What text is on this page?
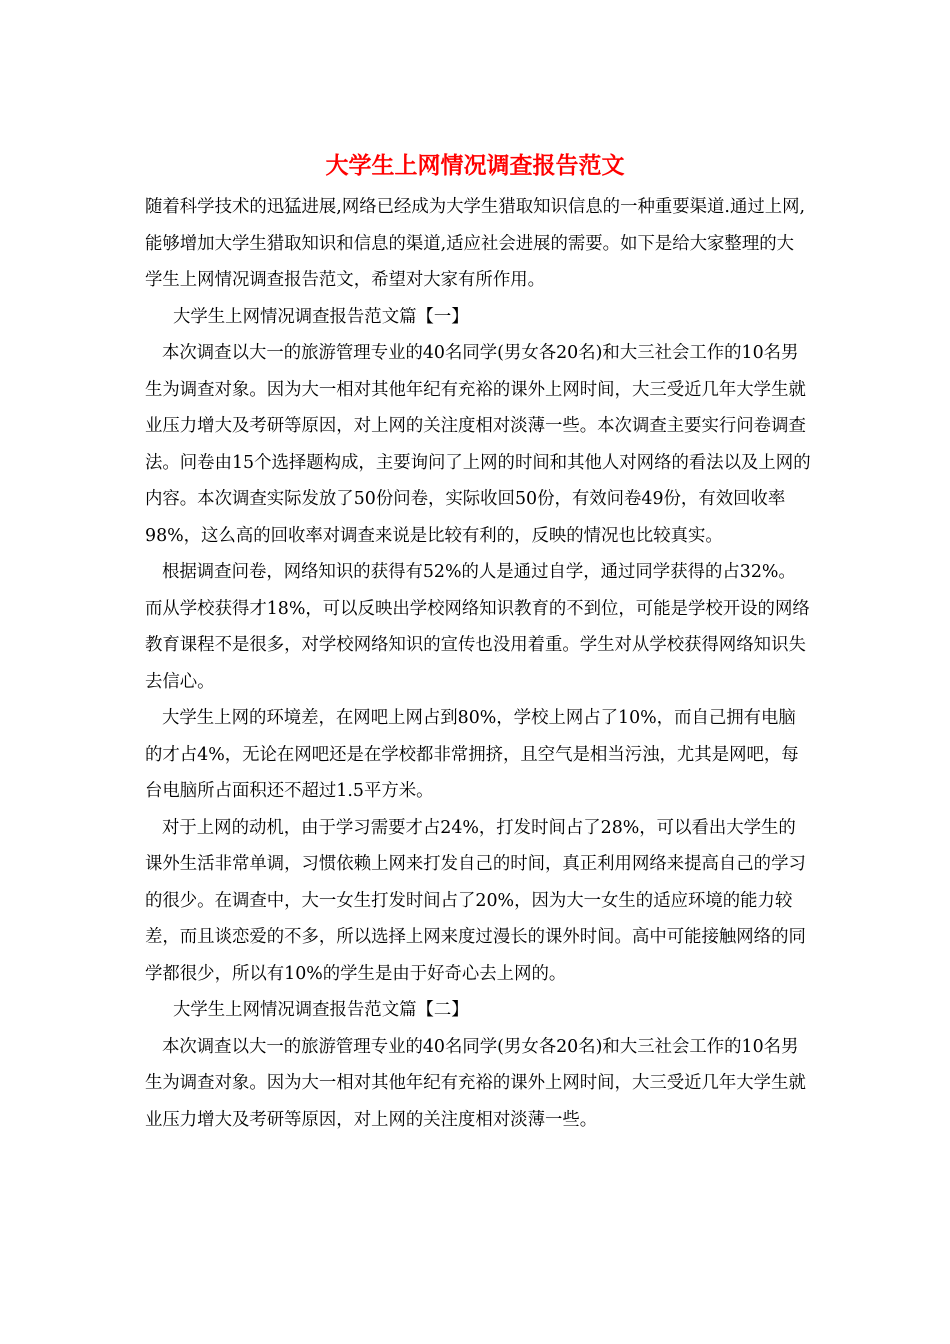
大学生上网情况调查报告范文

随着科学技术的迅猛进展,网络已经成为大学生猎取知识信息的一种重要渠道.通过上网,能够增加大学生猎取知识和信息的渠道,适应社会进展的需要。如下是给大家整理的大学生上网情况调查报告范文，希望对大家有所作用。

大学生上网情况调查报告范文篇【一】

本次调查以大一的旅游管理专业的40名同学(男女各20名)和大三社会工作的10名男生为调查对象。因为大一相对其他年纪有充裕的课外上网时间，大三受近几年大学生就业压力增大及考研等原因，对上网的关注度相对淡薄一些。本次调查主要实行问卷调查法。问卷由15个选择题构成，主要询问了上网的时间和其他人对网络的看法以及上网的内容。本次调查实际发放了50份问卷，实际收回50份，有效问卷49份，有效回收率98%，这么高的回收率对调查来说是比较有利的，反映的情况也比较真实。

根据调查问卷，网络知识的获得有52%的人是通过自学，通过同学获得的占32%。而从学校获得才18%，可以反映出学校网络知识教育的不到位，可能是学校开设的网络教育课程不是很多，对学校网络知识的宣传也没用着重。学生对从学校获得网络知识失去信心。

大学生上网的环境差，在网吧上网占到80%，学校上网占了10%，而自己拥有电脑的才占4%，无论在网吧还是在学校都非常拥挤，且空气是相当污浊，尤其是网吧，每台电脑所占面积还不超过1.5平方米。

对于上网的动机，由于学习需要才占24%，打发时间占了28%，可以看出大学生的课外生活非常单调，习惯依赖上网来打发自己的时间，真正利用网络来提高自己的学习的很少。在调查中，大一女生打发时间占了20%，因为大一女生的适应环境的能力较差，而且谈恋爱的不多，所以选择上网来度过漫长的课外时间。高中可能接触网络的同学都很少，所以有10%的学生是由于好奇心去上网的。

大学生上网情况调查报告范文篇【二】

本次调查以大一的旅游管理专业的40名同学(男女各20名)和大三社会工作的10名男生为调查对象。因为大一相对其他年纪有充裕的课外上网时间，大三受近几年大学生就业压力增大及考研等原因，对上网的关注度相对淡薄一些。
